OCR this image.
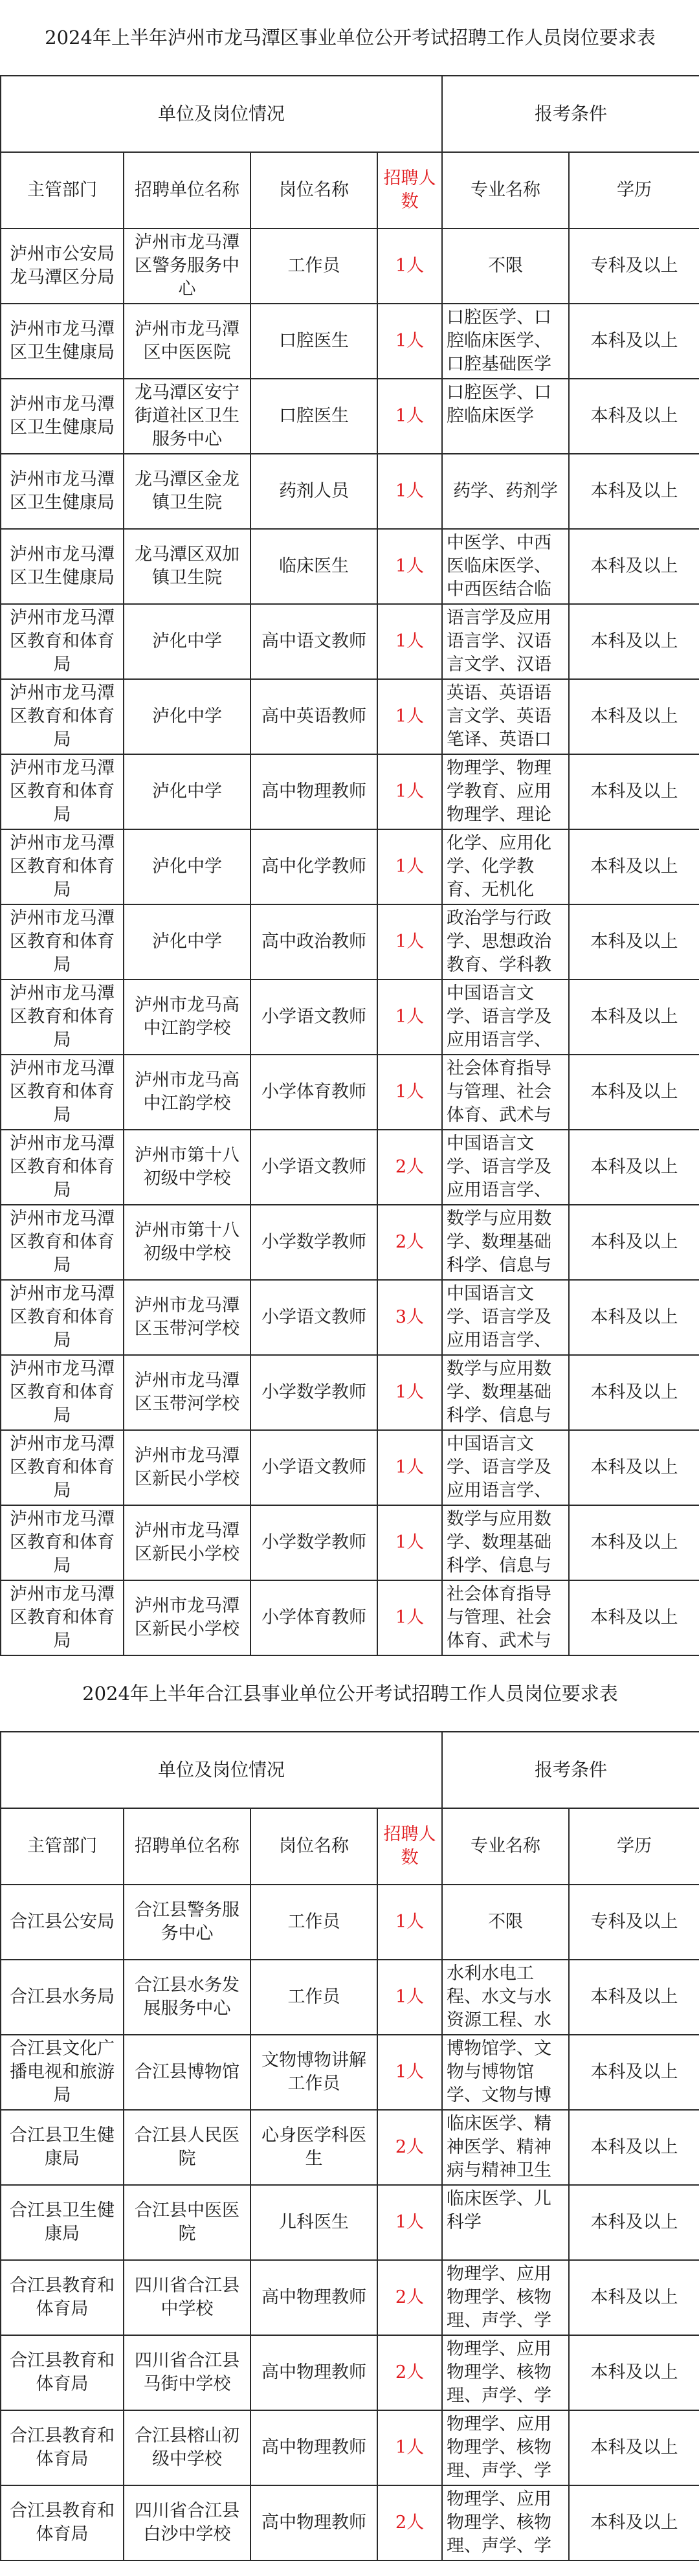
2024年上半年泸州市龙马潭区事业单位公开考试招聘工作人员岗位要求表					
单位及岗位情况				报考条件	
主管部门	招聘单位名称	岗位名称	招聘人数	专业名称	学历
泸州市公安局龙马潭区分局	泸州市龙马潭区警务服务中心	工作员	1人	不限	专科及以上
泸州市龙马潭区卫生健康局	泸州市龙马潭区中医医院	口腔医生	1人	口腔医学、口腔临床医学、口腔基础医学	本科及以上
泸州市龙马潭区卫生健康局	龙马潭区安宁街道社区卫生服务中心	口腔医生	1人	口腔医学、口腔临床医学	本科及以上
泸州市龙马潭区卫生健康局	龙马潭区金龙镇卫生院	药剂人员	1人	药学、药剂学	本科及以上
泸州市龙马潭区卫生健康局	龙马潭区双加镇卫生院	临床医生	1人	中医学、中西医临床医学、中西医结合临	本科及以上
泸州市龙马潭区教育和体育局	泸化中学	高中语文教师	1人	语言学及应用语言学、汉语言文学、汉语	本科及以上
泸州市龙马潭区教育和体育局	泸化中学	高中英语教师	1人	英语、英语语言文学、英语笔译、英语口	本科及以上
泸州市龙马潭区教育和体育局	泸化中学	高中物理教师	1人	物理学、物理学教育、应用物理学、理论	本科及以上
泸州市龙马潭区教育和体育局	泸化中学	高中化学教师	1人	化学、应用化学、化学教育、无机化	本科及以上
泸州市龙马潭区教育和体育局	泸化中学	高中政治教师	1人	政治学与行政学、思想政治教育、学科教	本科及以上
泸州市龙马潭区教育和体育局	泸州市龙马高中江韵学校	小学语文教师	1人	中国语言文学、语言学及应用语言学、	本科及以上
泸州市龙马潭区教育和体育局	泸州市龙马高中江韵学校	小学体育教师	1人	社会体育指导与管理、社会体育、武术与	本科及以上
泸州市龙马潭区教育和体育局	泸州市第十八初级中学校	小学语文教师	2人	中国语言文学、语言学及应用语言学、	本科及以上
泸州市龙马潭区教育和体育局	泸州市第十八初级中学校	小学数学教师	2人	数学与应用数学、数理基础科学、信息与	本科及以上
泸州市龙马潭区教育和体育局	泸州市龙马潭区玉带河学校	小学语文教师	3人	中国语言文学、语言学及应用语言学、	本科及以上
泸州市龙马潭区教育和体育局	泸州市龙马潭区玉带河学校	小学数学教师	1人	数学与应用数学、数理基础科学、信息与	本科及以上
泸州市龙马潭区教育和体育局	泸州市龙马潭区新民小学校	小学语文教师	1人	中国语言文学、语言学及应用语言学、	本科及以上
泸州市龙马潭区教育和体育局	泸州市龙马潭区新民小学校	小学数学教师	1人	数学与应用数学、数理基础科学、信息与	本科及以上
泸州市龙马潭区教育和体育局	泸州市龙马潭区新民小学校	小学体育教师	1人	社会体育指导与管理、社会体育、武术与	本科及以上
2024年上半年合江县事业单位公开考试招聘工作人员岗位要求表					
单位及岗位情况				报考条件	
主管部门	招聘单位名称	岗位名称	招聘人数	专业名称	学历
合江县公安局	合江县警务服务中心	工作员	1人	不限	专科及以上
合江县水务局	合江县水务发展服务中心	工作员	1人	水利水电工程、水文与水资源工程、水	本科及以上
合江县文化广播电视和旅游局	合江县博物馆	文物博物讲解工作员	1人	博物馆学、文物与博物馆学、文物与博	本科及以上
合江县卫生健康局	合江县人民医院	心身医学科医生	2人	临床医学、精神医学、精神病与精神卫生	本科及以上
合江县卫生健康局	合江县中医医院	儿科医生	1人	临床医学、儿科学	本科及以上
合江县教育和体育局	四川省合江县中学校	高中物理教师	2人	物理学、应用物理学、核物理、声学、学	本科及以上
合江县教育和体育局	四川省合江县马街中学校	高中物理教师	2人	物理学、应用物理学、核物理、声学、学	本科及以上
合江县教育和体育局	合江县榕山初级中学校	高中物理教师	1人	物理学、应用物理学、核物理、声学、学	本科及以上
合江县教育和体育局	四川省合江县白沙中学校	高中物理教师	2人	物理学、应用物理学、核物理、声学、学	本科及以上
